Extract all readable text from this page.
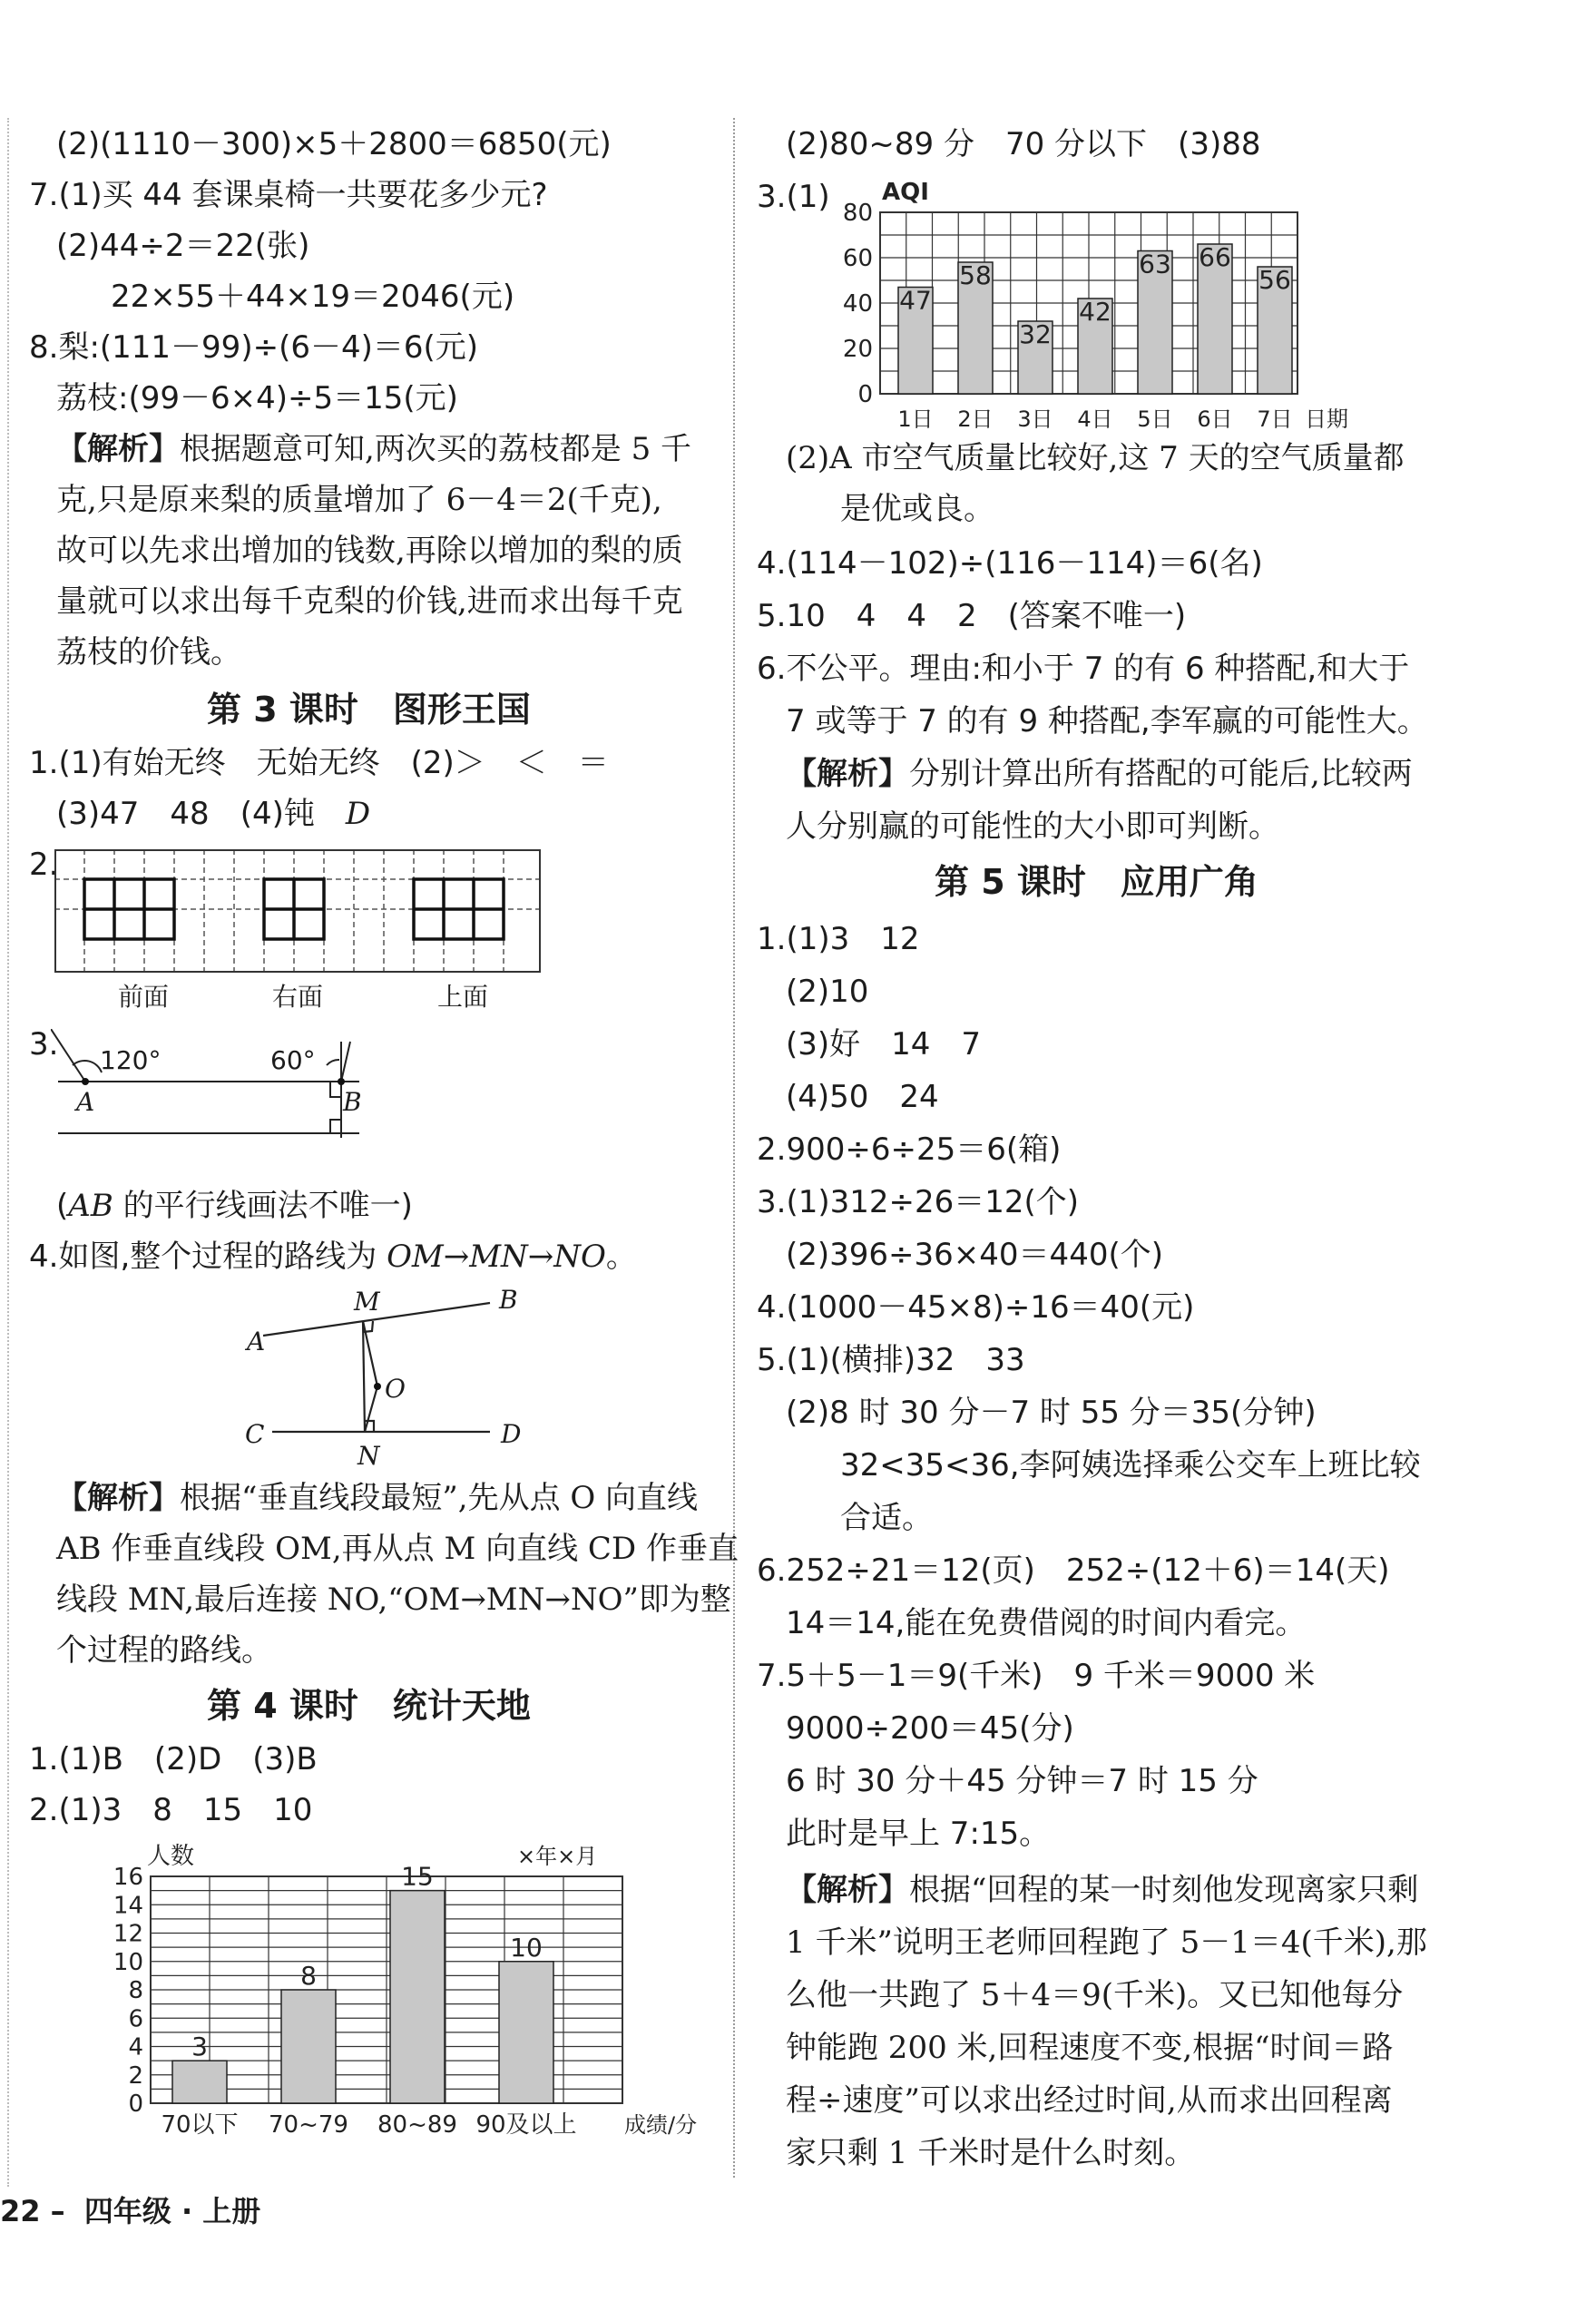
(2)(1110－300)×5＋2800＝6850(元)
7.(1)买 44 套课桌椅一共要花多少元?
(2)44÷2＝22(张)
22×55＋44×19＝2046(元)
8.梨:(111－99)÷(6－4)＝6(元)
荔枝:(99－6×4)÷5＝15(元)
【解析】根据题意可知,两次买的荔枝都是 5 千
克,只是原来梨的质量增加了 6－4＝2(千克),
故可以先求出增加的钱数,再除以增加的梨的质
量就可以求出每千克梨的价钱,进而求出每千克
荔枝的价钱。
第 3 课时　图形王国
1.(1)有始无终　无始无终　(2)＞　＜　＝
(3)47　48　(4)钝　D
2.
前面	右面	上面
3. 120°	60°
A	B
(AB 的平行线画法不唯一)
4.如图,整个过程的路线为 OM→MN→NO。
M	B
A
O
C	D
N
【解析】根据“垂直线段最短”,先从点 O 向直线
AB 作垂直线段 OM,再从点 M 向直线 CD 作垂直
线段 MN,最后连接 NO,“OM→MN→NO”即为整
个过程的路线。
第 4 课时　统计天地
1.(1)B　(2)D　(3)B
2.(1)3　8　15　10
0
2
4
6
8
10
12
14
16
3
70以下
8
70~79
15
80~89
10
90及以上
人数	×年×月
成绩/分
(2)80~89 分　70 分以下　(3)88
3.(1)
0
20
40
60
80
47
1日
58
2日
32
3日
42
4日
63
5日
66
6日
56
7日
AQI
日期
(2)A 市空气质量比较好,这 7 天的空气质量都
是优或良。
4.(114－102)÷(116－114)＝6(名)
5.10　4　4　2　(答案不唯一)
6.不公平。理由:和小于 7 的有 6 种搭配,和大于
7 或等于 7 的有 9 种搭配,李军赢的可能性大。
【解析】分别计算出所有搭配的可能后,比较两
人分别赢的可能性的大小即可判断。
第 5 课时　应用广角
1.(1)3　12
(2)10
(3)好　14　7
(4)50　24
2.900÷6÷25＝6(箱)
3.(1)312÷26＝12(个)
(2)396÷36×40＝440(个)
4.(1000－45×8)÷16＝40(元)
5.(1)(横排)32　33
(2)8 时 30 分－7 时 55 分＝35(分钟)
32<35<36,李阿姨选择乘公交车上班比较
合适。
6.252÷21＝12(页)　252÷(12＋6)＝14(天)
14＝14,能在免费借阅的时间内看完。
7.5＋5－1＝9(千米)　9 千米＝9000 米
9000÷200＝45(分)
6 时 30 分＋45 分钟＝7 时 15 分
此时是早上 7:15。
【解析】根据“回程的某一时刻他发现离家只剩
1 千米”说明王老师回程跑了 5－1＝4(千米),那
么他一共跑了 5＋4＝9(千米)。又已知他每分
钟能跑 200 米,回程速度不变,根据“时间＝路
程÷速度”可以求出经过时间,从而求出回程离
家只剩 1 千米时是什么时刻。
22 – 四年级 · 上册
